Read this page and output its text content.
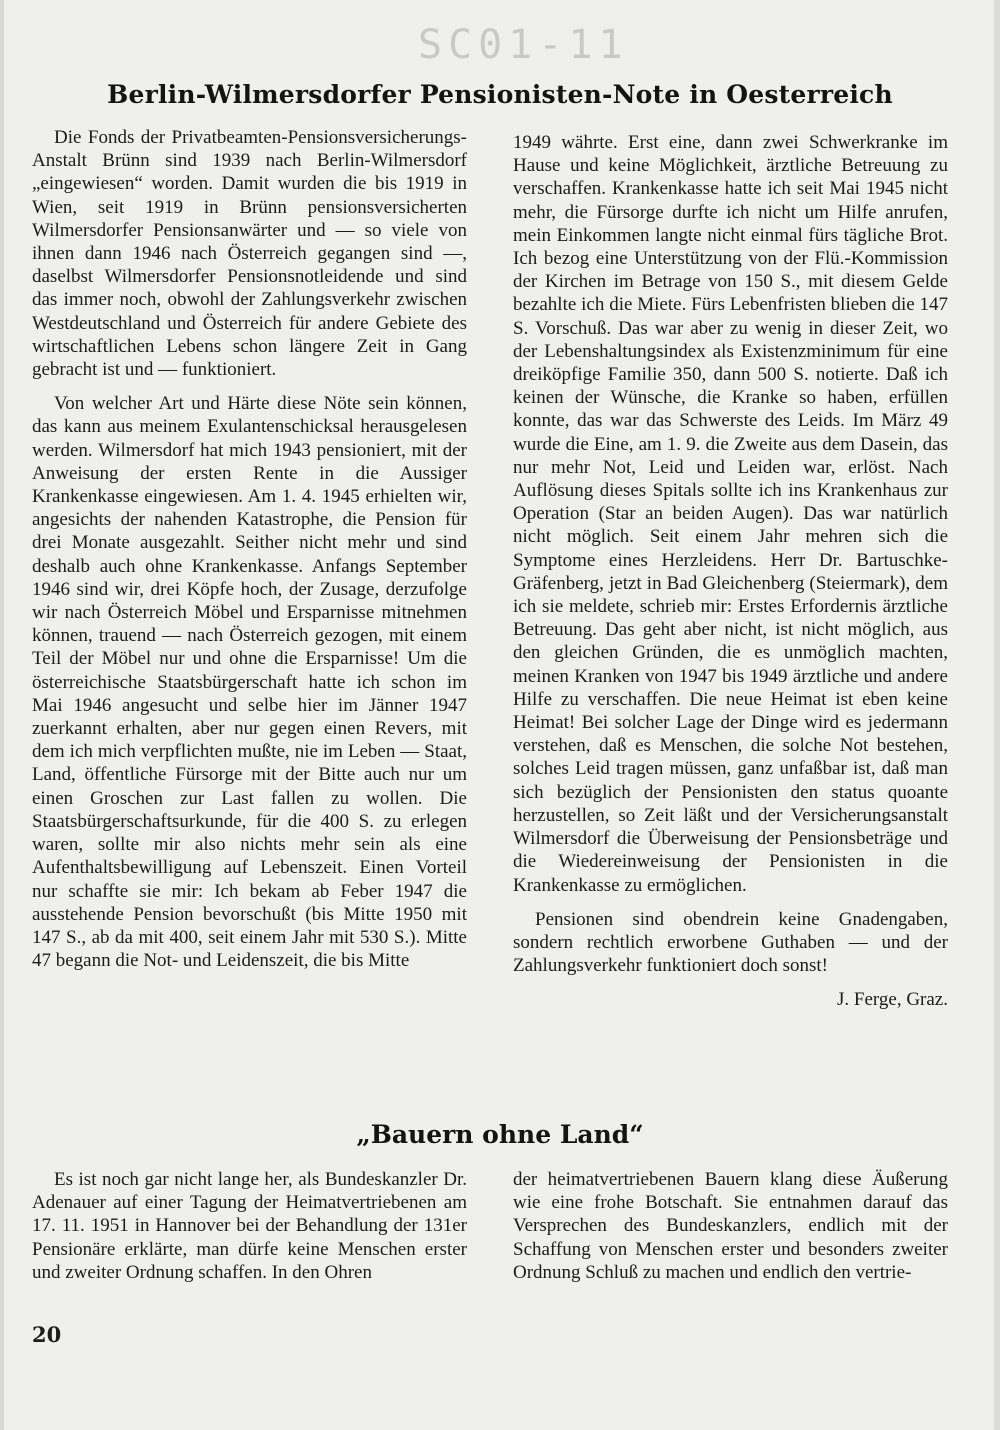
SC01-11
Berlin-Wilmersdorfer Pensionisten-Note in Oesterreich

Die Fonds der Privatbeamten-Pensionsversicherungs-Anstalt Brünn sind 1939 nach Berlin-Wilmersdorf „eingewiesen“ worden. Damit wurden die bis 1919 in Wien, seit 1919 in Brünn pensionsversicherten Wilmersdorfer Pensionsanwärter und — so viele von ihnen dann 1946 nach Österreich gegangen sind —, daselbst Wilmersdorfer Pensionsnotleidende und sind das immer noch, obwohl der Zahlungsverkehr zwischen Westdeutschland und Österreich für andere Gebiete des wirtschaftlichen Lebens schon längere Zeit in Gang gebracht ist und — funktioniert.

Von welcher Art und Härte diese Nöte sein können, das kann aus meinem Exulantenschicksal herausgelesen werden. Wilmersdorf hat mich 1943 pensioniert, mit der Anweisung der ersten Rente in die Aussiger Krankenkasse eingewiesen. Am 1. 4. 1945 erhielten wir, angesichts der nahenden Katastrophe, die Pension für drei Monate ausgezahlt. Seither nicht mehr und sind deshalb auch ohne Krankenkasse. Anfangs September 1946 sind wir, drei Köpfe hoch, der Zusage, derzufolge wir nach Österreich Möbel und Ersparnisse mitnehmen können, trauend — nach Österreich gezogen, mit einem Teil der Möbel nur und ohne die Ersparnisse! Um die österreichische Staatsbürgerschaft hatte ich schon im Mai 1946 angesucht und selbe hier im Jänner 1947 zuerkannt erhalten, aber nur gegen einen Revers, mit dem ich mich verpflichten mußte, nie im Leben — Staat, Land, öffentliche Fürsorge mit der Bitte auch nur um einen Groschen zur Last fallen zu wollen. Die Staatsbürgerschaftsurkunde, für die 400 S. zu erlegen waren, sollte mir also nichts mehr sein als eine Aufenthaltsbewilligung auf Lebenszeit. Einen Vorteil nur schaffte sie mir: Ich bekam ab Feber 1947 die ausstehende Pension bevorschußt (bis Mitte 1950 mit 147 S., ab da mit 400, seit einem Jahr mit 530 S.). Mitte 47 begann die Not- und Leidenszeit, die bis Mitte

1949 währte. Erst eine, dann zwei Schwerkranke im Hause und keine Möglichkeit, ärztliche Betreuung zu verschaffen. Krankenkasse hatte ich seit Mai 1945 nicht mehr, die Fürsorge durfte ich nicht um Hilfe anrufen, mein Einkommen langte nicht einmal fürs tägliche Brot. Ich bezog eine Unterstützung von der Flü.-Kommission der Kirchen im Betrage von 150 S., mit diesem Gelde bezahlte ich die Miete. Fürs Lebenfristen blieben die 147 S. Vorschuß. Das war aber zu wenig in dieser Zeit, wo der Lebenshaltungsindex als Existenzminimum für eine dreiköpfige Familie 350, dann 500 S. notierte. Daß ich keinen der Wünsche, die Kranke so haben, erfüllen konnte, das war das Schwerste des Leids. Im März 49 wurde die Eine, am 1. 9. die Zweite aus dem Dasein, das nur mehr Not, Leid und Leiden war, erlöst. Nach Auflösung dieses Spitals sollte ich ins Krankenhaus zur Operation (Star an beiden Augen). Das war natürlich nicht möglich. Seit einem Jahr mehren sich die Symptome eines Herzleidens. Herr Dr. Bartuschke-Gräfenberg, jetzt in Bad Gleichenberg (Steiermark), dem ich sie meldete, schrieb mir: Erstes Erfordernis ärztliche Betreuung. Das geht aber nicht, ist nicht möglich, aus den gleichen Gründen, die es unmöglich machten, meinen Kranken von 1947 bis 1949 ärztliche und andere Hilfe zu verschaffen. Die neue Heimat ist eben keine Heimat! Bei solcher Lage der Dinge wird es jedermann verstehen, daß es Menschen, die solche Not bestehen, solches Leid tragen müssen, ganz unfaßbar ist, daß man sich bezüglich der Pensionisten den status quoante herzustellen, so Zeit läßt und der Versicherungsanstalt Wilmersdorf die Überweisung der Pensionsbeträge und die Wiedereinweisung der Pensionisten in die Krankenkasse zu ermöglichen.

Pensionen sind obendrein keine Gnadengaben, sondern rechtlich erworbene Guthaben — und der Zahlungsverkehr funktioniert doch sonst!

J. Ferge, Graz.
„Bauern ohne Land“

Es ist noch gar nicht lange her, als Bundeskanzler Dr. Adenauer auf einer Tagung der Heimatvertriebenen am 17. 11. 1951 in Hannover bei der Behandlung der 131er Pensionäre erklärte, man dürfe keine Menschen erster und zweiter Ordnung schaffen. In den Ohren

der heimatvertriebenen Bauern klang diese Äußerung wie eine frohe Botschaft. Sie entnahmen darauf das Versprechen des Bundeskanzlers, endlich mit der Schaffung von Menschen erster und besonders zweiter Ordnung Schluß zu machen und endlich den vertrie-

20
